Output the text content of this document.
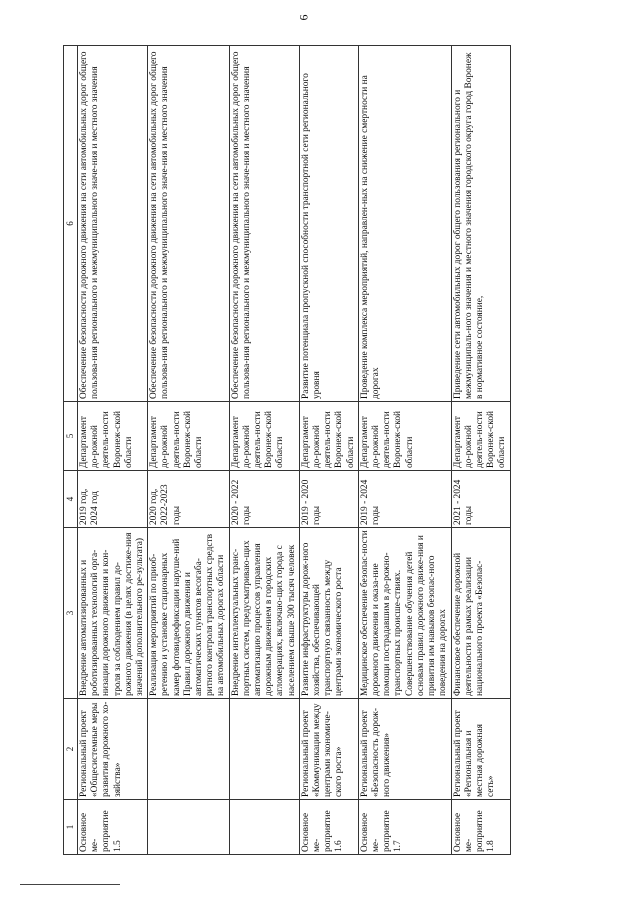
6
1	2	3	4	5	6
Основное ме-роприятие 1.5	Региональный проект «Общесистемные меры развития дорожного хо-зяйства»	Внедрение автоматизированных и роботизированных технологий орга-низации дорожного движения и кон-троля за соблюдением правил до-рожного движения (в целях достиже-ния значений дополнительного ре-зультата)	2019 год, 2024 год	Департамент до-рожной деятель-ности Воронеж-ской области	Обеспечение безопасности дорожного движения на сети автомобильных дорог общего пользова-ния регионального и межмуниципального значе-ния и местного значения
		Реализация мероприятий по приоб-ретению и установке стационарных камер фотовидеофиксации наруше-ний Правил дорожного движения и автоматических пунктов весогаба-ритного контроля транспортных средств на автомобильных дорогах области	2020 год, 2022-2023 годы	Департамент до-рожной деятель-ности Воронеж-ской области	Обеспечение безопасности дорожного движения на сети автомобильных дорог общего пользова-ния регионального и межмуниципального значе-ния и местного значения
		Внедрение интеллектуальных транс-портных систем, предусматриваю-щих автоматизацию процессов управления дорожным движением в городских агломерациях, включаю-щих города с населением свыше 300 тысяч человек	2020 - 2022 годы	Департамент до-рожной деятель-ности Воронеж-ской области	Обеспечение безопасности дорожного движения на сети автомобильных дорог общего пользова-ния регионального и межмуниципального значе-ния и местного значения
Основное ме-роприятие 1.6	Региональный проект «Коммуникации между центрами экономиче-ского роста»	Развитие инфраструктуры дорож-ного хозяйства, обеспечивающей транспортную связанность между центрами экономического роста	2019 - 2020 годы	Департамент до-рожной деятель-ности Воронеж-ской области	Развитие потенциала пропускной способности транспортной сети регионального уровня
Основное ме-роприятие 1.7	Региональный проект «Безопасность дорож-ного движения»	Медицинское обеспечение безопас-ности дорожного движения и оказа-ние помощи пострадавшим в до-рожно-транспортных происше-ствиях. Совершенствование обучения детей основам правил дорожного движе-ния и привития им навыков безопас-ного поведения на дорогах	2019 - 2024 годы	Департамент до-рожной деятель-ности Воронеж-ской области	Проведение комплекса мероприятий, направлен-ных на снижение смертности на дорогах
Основное ме-роприятие 1.8	Региональный проект «Региональная и местная дорожная сеть»	Финансовое обеспечение дорожной деятельности в рамках реализации национального проекта «Безопас-	2021 - 2024 годы	Департамент до-рожной деятель-ности Воронеж-ской области	Приведение сети автомобильных дорог общего пользования регионального и межмуниципаль-ного значения и местного значения городского округа город Воронеж в нормативное состояние,
